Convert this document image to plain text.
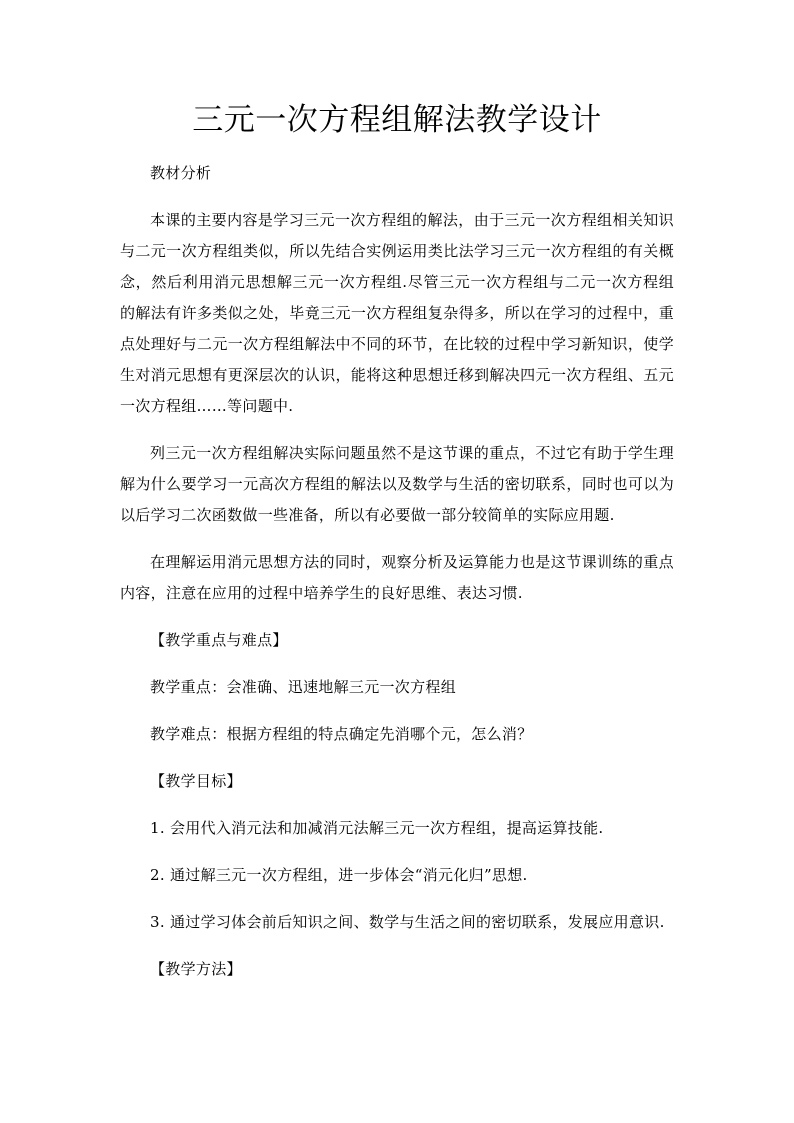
三元一次方程组解法教学设计

教材分析

本课的主要内容是学习三元一次方程组的解法，由于三元一次方程组相关知识与二元一次方程组类似，所以先结合实例运用类比法学习三元一次方程组的有关概念，然后利用消元思想解三元一次方程组.尽管三元一次方程组与二元一次方程组的解法有许多类似之处，毕竟三元一次方程组复杂得多，所以在学习的过程中，重点处理好与二元一次方程组解法中不同的环节，在比较的过程中学习新知识，使学生对消元思想有更深层次的认识，能将这种思想迁移到解决四元一次方程组、五元一次方程组……等问题中.

列三元一次方程组解决实际问题虽然不是这节课的重点，不过它有助于学生理解为什么要学习一元高次方程组的解法以及数学与生活的密切联系，同时也可以为以后学习二次函数做一些准备，所以有必要做一部分较简单的实际应用题.

在理解运用消元思想方法的同时，观察分析及运算能力也是这节课训练的重点内容，注意在应用的过程中培养学生的良好思维、表达习惯.

【教学重点与难点】

教学重点：会准确、迅速地解三元一次方程组

教学难点：根据方程组的特点确定先消哪个元，怎么消？

【教学目标】

1. 会用代入消元法和加减消元法解三元一次方程组，提高运算技能.

2. 通过解三元一次方程组，进一步体会“消元化归”思想.

3. 通过学习体会前后知识之间、数学与生活之间的密切联系，发展应用意识.

【教学方法】
